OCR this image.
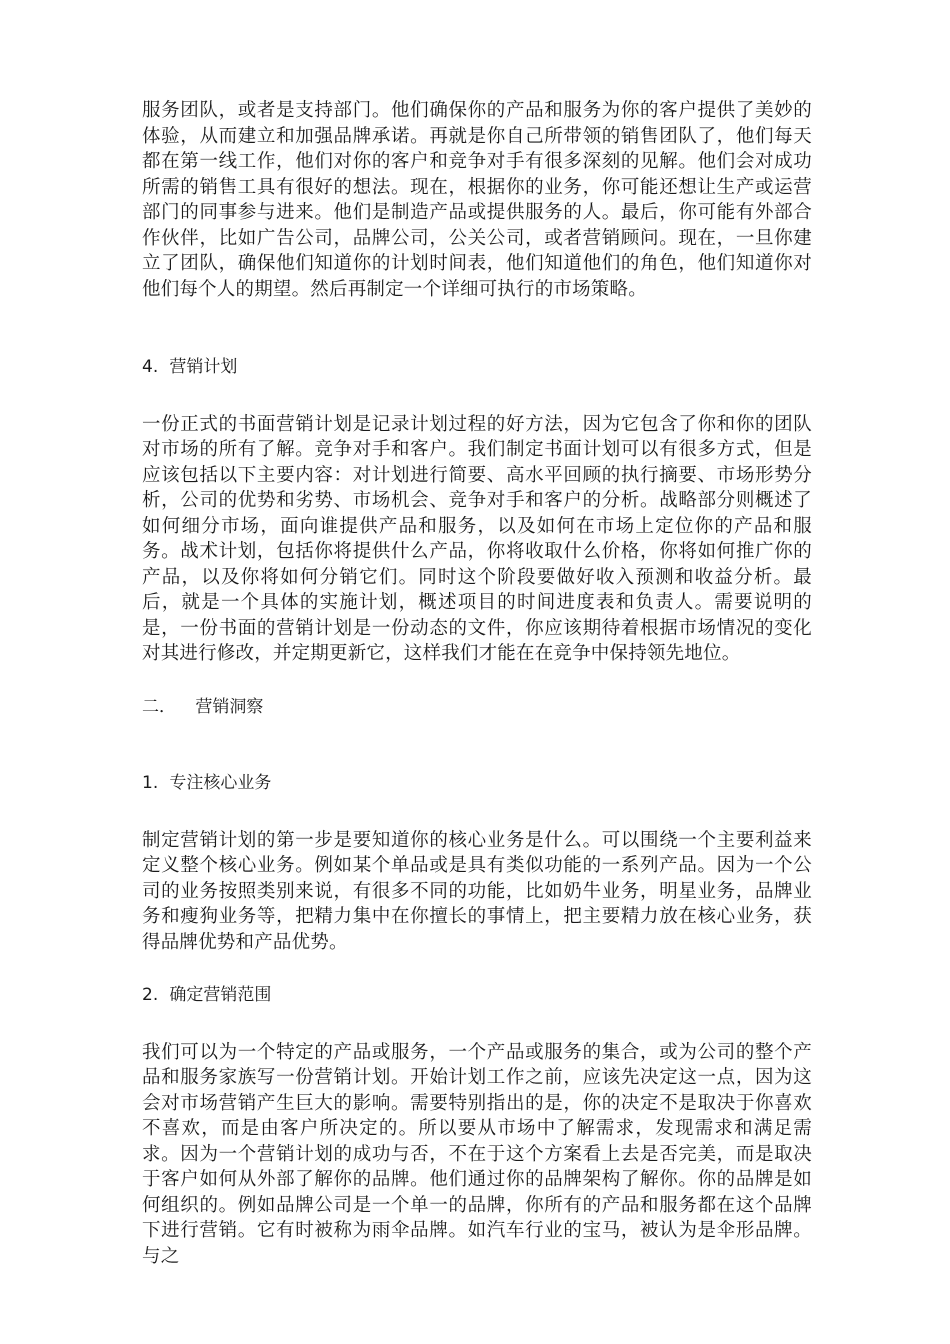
服务团队，或者是支持部门。他们确保你的产品和服务为你的客户提供了美妙的体验，从而建立和加强品牌承诺。再就是你自己所带领的销售团队了，他们每天都在第一线工作，他们对你的客户和竞争对手有很多深刻的见解。他们会对成功所需的销售工具有很好的想法。现在，根据你的业务，你可能还想让生产或运营部门的同事参与进来。他们是制造产品或提供服务的人。最后，你可能有外部合作伙伴，比如广告公司，品牌公司，公关公司，或者营销顾问。现在，一旦你建立了团队，确保他们知道你的计划时间表，他们知道他们的角色，他们知道你对他们每个人的期望。然后再制定一个详细可执行的市场策略。

4. 营销计划

一份正式的书面营销计划是记录计划过程的好方法，因为它包含了你和你的团队对市场的所有了解。竞争对手和客户。我们制定书面计划可以有很多方式，但是应该包括以下主要内容：对计划进行简要、高水平回顾的执行摘要、市场形势分析，公司的优势和劣势、市场机会、竞争对手和客户的分析。战略部分则概述了如何细分市场，面向谁提供产品和服务，以及如何在市场上定位你的产品和服务。战术计划，包括你将提供什么产品，你将收取什么价格，你将如何推广你的产品，以及你将如何分销它们。同时这个阶段要做好收入预测和收益分析。最后，就是一个具体的实施计划，概述项目的时间进度表和负责人。需要说明的是，一份书面的营销计划是一份动态的文件，你应该期待着根据市场情况的变化对其进行修改，并定期更新它，这样我们才能在在竞争中保持领先地位。

二． 营销洞察

1. 专注核心业务

制定营销计划的第一步是要知道你的核心业务是什么。可以围绕一个主要利益来定义整个核心业务。例如某个单品或是具有类似功能的一系列产品。因为一个公司的业务按照类别来说，有很多不同的功能，比如奶牛业务，明星业务，品牌业务和瘦狗业务等，把精力集中在你擅长的事情上，把主要精力放在核心业务，获得品牌优势和产品优势。

2. 确定营销范围

我们可以为一个特定的产品或服务，一个产品或服务的集合，或为公司的整个产品和服务家族写一份营销计划。开始计划工作之前，应该先决定这一点，因为这会对市场营销产生巨大的影响。需要特别指出的是，你的决定不是取决于你喜欢不喜欢，而是由客户所决定的。所以要从市场中了解需求，发现需求和满足需求。因为一个营销计划的成功与否，不在于这个方案看上去是否完美，而是取决于客户如何从外部了解你的品牌。他们通过你的品牌架构了解你。你的品牌是如何组织的。例如品牌公司是一个单一的品牌，你所有的产品和服务都在这个品牌下进行营销。它有时被称为雨伞品牌。如汽车行业的宝马，被认为是伞形品牌。与之
